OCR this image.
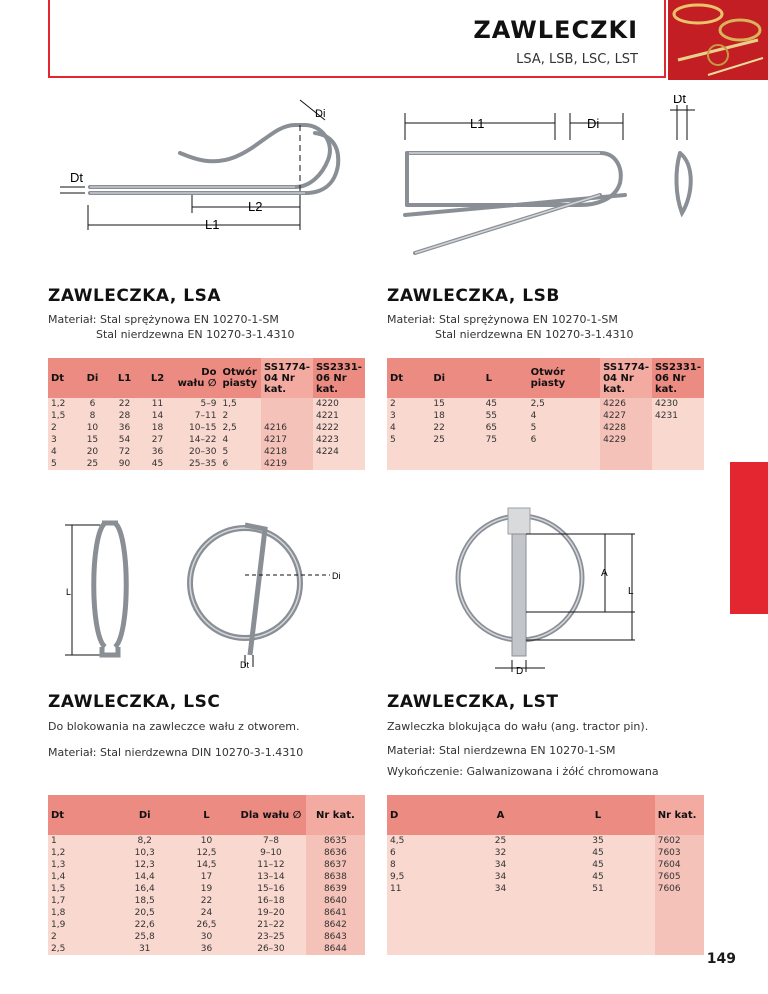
ZAWLECZKI
LSA, LSB, LSC, LST
Di
Dt
L2
L1
L1	Di
Dt
ZAWLECZKA, LSA
Materiał: Stal sprężynowa EN 10270-1-SM
Stal nierdzewna EN 10270-3-1.4310
Dt	Di	L1	L2	Do wału ∅	Otwór piasty	SS1774-04 Nr kat.	SS2331-06 Nr kat.
1,2	6	22	11	5–9	1,5		4220
1,5	8	28	14	7–11	2		4221
2	10	36	18	10–15	2,5	4216	4222
3	15	54	27	14–22	4	4217	4223
4	20	72	36	20–30	5	4218	4224
5	25	90	45	25–35	6	4219	
ZAWLECZKA, LSB
Materiał: Stal sprężynowa EN 10270-1-SM
Stal nierdzewna EN 10270-3-1.4310
Dt	Di	L	Otwór piasty	SS1774-04 Nr kat.	SS2331-06 Nr kat.
2	15	45	2,5	4226	4230
3	18	55	4	4227	4231
4	22	65	5	4228	
5	25	75	6	4229	

L
Di
Dt
A
L
D
ZAWLECZKA, LSC
Do blokowania na zawleczce wału z otworem.
Materiał: Stal nierdzewna DIN 10270-3-1.4310
Dt	Di	L	Dla wału ∅	Nr kat.
1	8,2	10	7–8	8635
1,2	10,3	12,5	9–10	8636
1,3	12,3	14,5	11–12	8637
1,4	14,4	17	13–14	8638
1,5	16,4	19	15–16	8639
1,7	18,5	22	16–18	8640
1,8	20,5	24	19–20	8641
1,9	22,6	26,5	21–22	8642
2	25,8	30	23–25	8643
2,5	31	36	26–30	8644
ZAWLECZKA, LST
Zawleczka blokująca do wału (ang. tractor pin).
Materiał: Stal nierdzewna EN 10270-1-SM
Wykończenie: Galwanizowana i żółć chromowana
D	A	L	Nr kat.
4,5	25	35	7602
6	32	45	7603
8	34	45	7604
9,5	34	45	7605
11	34	51	7606

149
